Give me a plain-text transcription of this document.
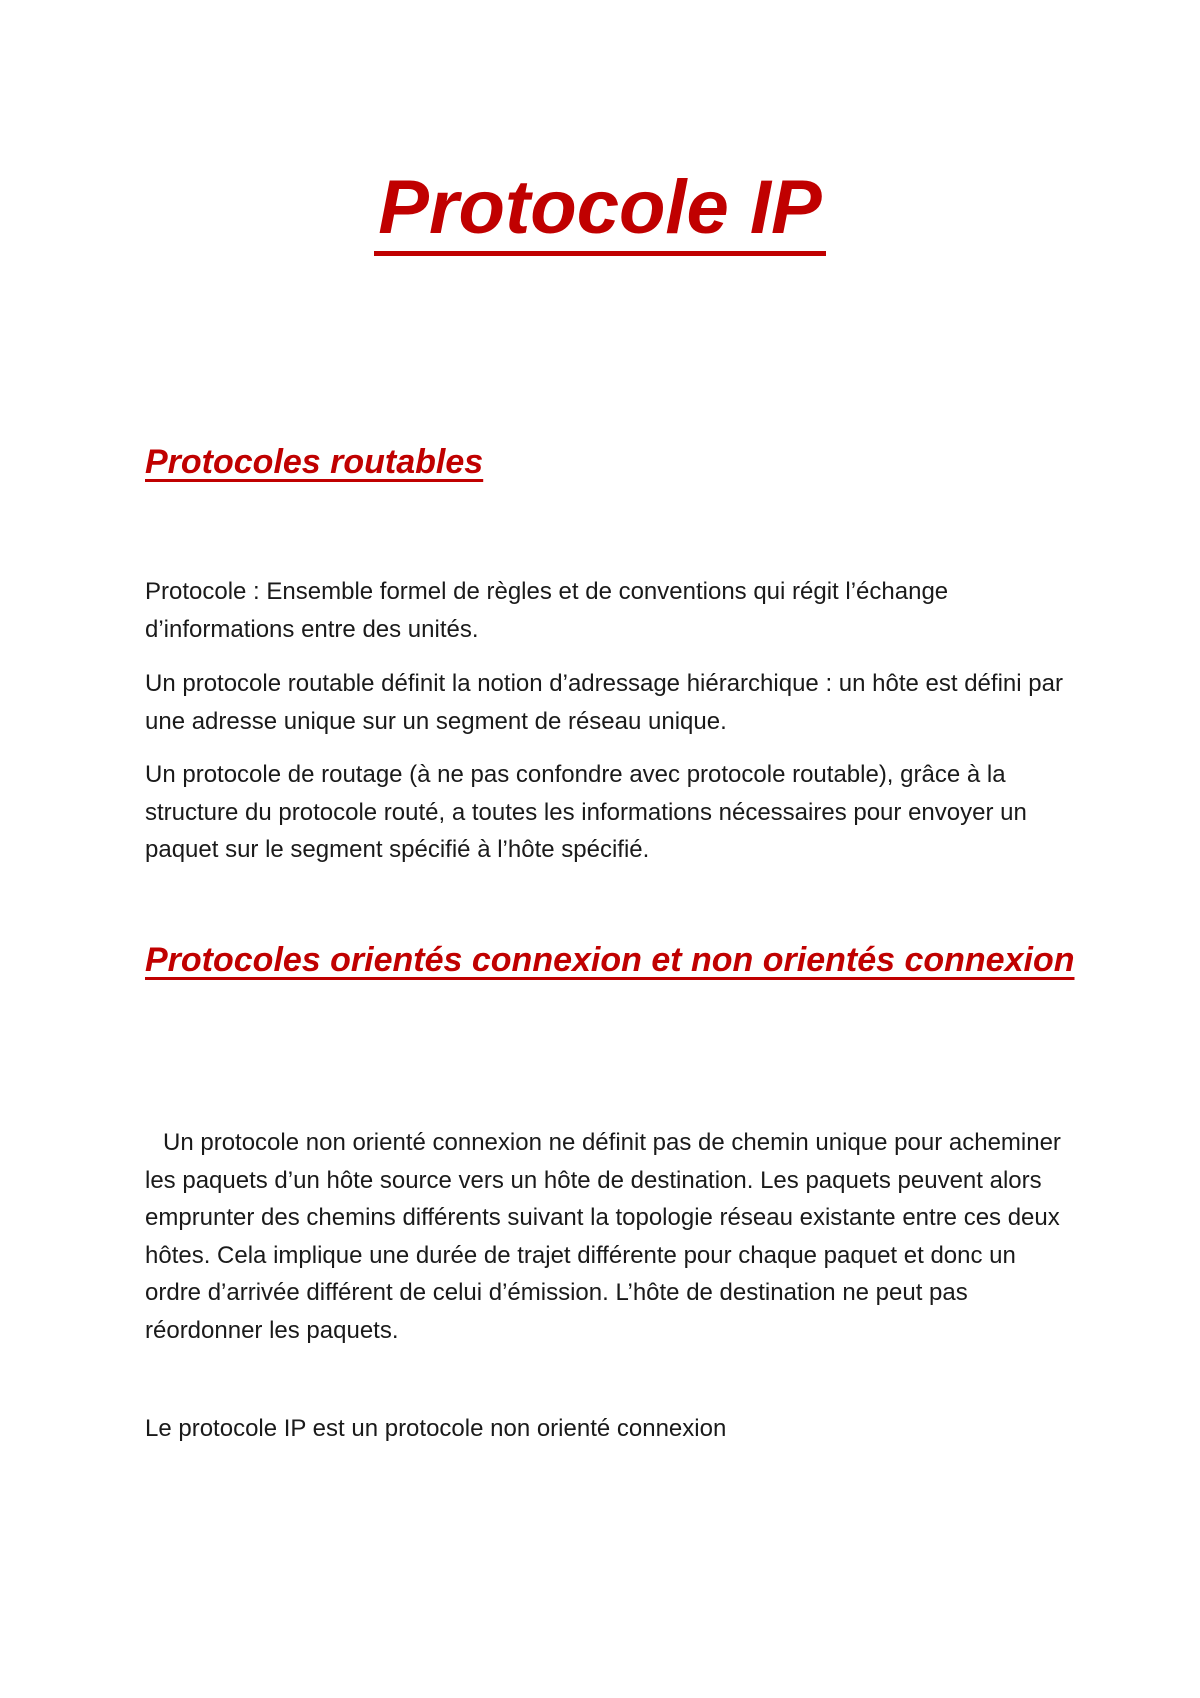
Protocole IP
Protocoles routables

Protocole : Ensemble formel de règles et de conventions qui régit l’échange d’informations entre des unités.

Un protocole routable définit la notion d’adressage hiérarchique : un hôte est défini par une adresse unique sur un segment de réseau unique.

Un protocole de routage (à ne pas confondre avec protocole routable), grâce à la structure du protocole routé, a toutes les informations nécessaires pour envoyer un paquet sur le segment spécifié à l’hôte spécifié.

Protocoles orientés connexion et non orientés connexion

Un protocole non orienté connexion ne définit pas de chemin unique pour acheminer les paquets d’un hôte source vers un hôte de destination. Les paquets peuvent alors emprunter des chemins différents suivant la topologie réseau existante entre ces deux hôtes. Cela implique une durée de trajet différente pour chaque paquet et donc un ordre d’arrivée différent de celui d’émission. L’hôte de destination ne peut pas réordonner les paquets.

Le protocole IP est un protocole non orienté connexion
